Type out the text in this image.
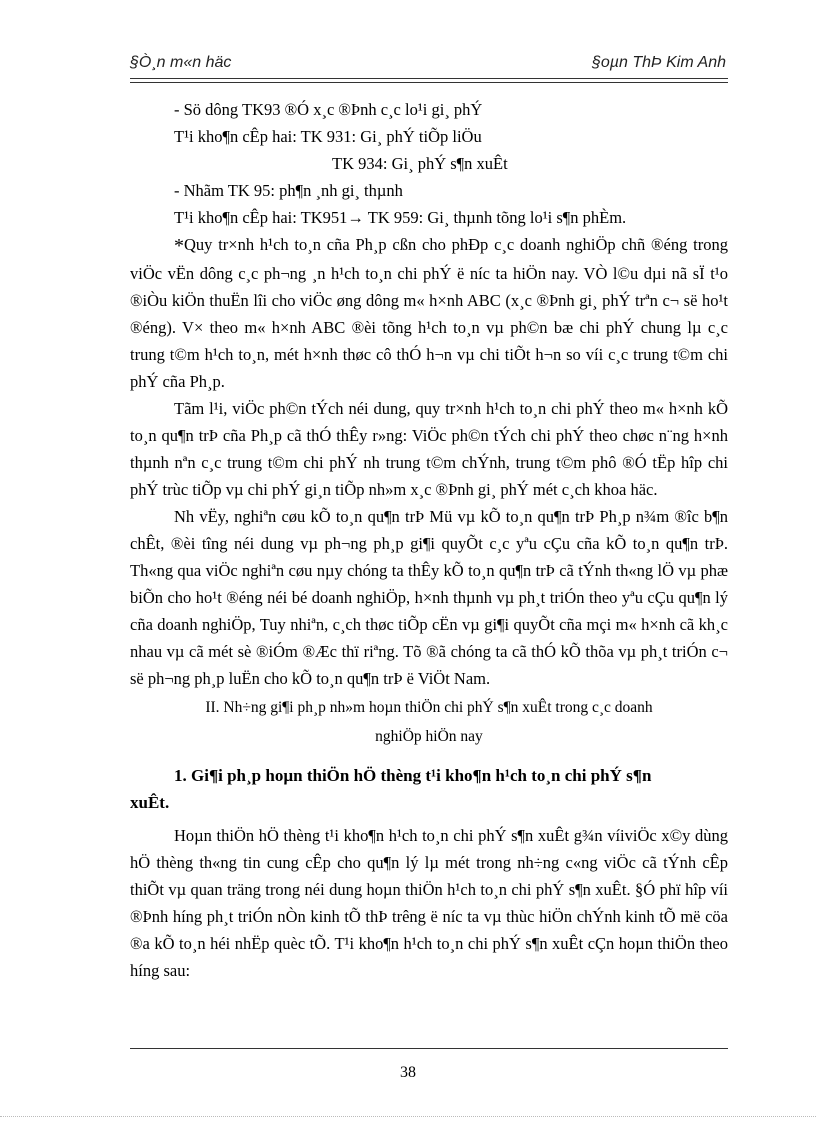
§Ò¸n m«n häc	§oµn ThÞ Kim Anh

- Sö dông TK93 ®Ó x¸c ®Þnh c¸c lo¹i gi¸ phÝ

T¹i kho¶n cÊp hai: TK 931: Gi¸ phÝ tiÕp liÖu

TK 934: Gi¸ phÝ s¶n xuÊt

- Nhãm TK 95: ph¶n ¸nh gi¸ thµnh

T¹i kho¶n cÊp hai: TK951→ TK 959: Gi¸ thµnh tõng lo¹i s¶n phÈm.

*Quy tr×nh h¹ch to¸n cña Ph¸p cßn cho phÐp c¸c doanh nghiÖp chñ ®éng trong viÖc vËn dông c¸c ph¬ng ¸n h¹ch to¸n chi phÝ ë níc ta hiÖn nay. VÒ l©u dµi nã sÏ t¹o ®iÒu kiÖn thuËn lîi cho viÖc øng dông m« h×nh ABC (x¸c ®Þnh gi¸ phÝ trªn c¬ së ho¹t ®éng). V× theo m« h×nh ABC ®èi tõng h¹ch to¸n vµ ph©n bæ chi phÝ chung lµ c¸c trung t©m h¹ch to¸n, mét h×nh thøc cô thÓ h¬n vµ chi tiÕt h¬n so víi c¸c trung t©m chi phÝ cña Ph¸p.

Tãm l¹i, viÖc ph©n tÝch néi dung, quy tr×nh h¹ch to¸n chi phÝ theo m« h×nh kÕ to¸n qu¶n trÞ cña Ph¸p cã thÓ thÊy r»ng: ViÖc ph©n tÝch chi phÝ theo chøc n¨ng h×nh thµnh nªn c¸c trung t©m chi phÝ nh trung t©m chÝnh, trung t©m phô ®Ó tËp hîp chi phÝ trùc tiÕp vµ chi phÝ gi¸n tiÕp nh»m x¸c ®Þnh gi¸ phÝ mét c¸ch khoa häc.

Nh vËy, nghiªn cøu kÕ to¸n qu¶n trÞ Mü vµ kÕ to¸n qu¶n trÞ Ph¸p n¾m ®îc b¶n chÊt, ®èi tîng néi dung vµ ph¬ng ph¸p gi¶i quyÕt c¸c yªu cÇu cña kÕ to¸n qu¶n trÞ. Th«ng qua viÖc nghiªn cøu nµy chóng ta thÊy kÕ to¸n qu¶n trÞ cã tÝnh th«ng lÖ vµ phæ biÕn cho ho¹t ®éng néi bé doanh nghiÖp, h×nh thµnh vµ ph¸t triÓn theo yªu cÇu qu¶n lý cña doanh nghiÖp, Tuy nhiªn, c¸ch thøc tiÕp cËn vµ gi¶i quyÕt cña mçi m« h×nh cã kh¸c nhau vµ cã mét sè ®iÓm ®Æc thï riªng. Tõ ®ã chóng ta cã thÓ kÕ thõa vµ ph¸t triÓn c¬ së ph¬ng ph¸p luËn cho kÕ to¸n qu¶n trÞ ë ViÖt Nam.

II. Nh÷ng gi¶i ph¸p nh»m hoµn thiÖn chi phÝ s¶n xuÊt trong c¸c doanh

nghiÖp hiÖn nay

1. Gi¶i ph¸p hoµn thiÖn hÖ thèng t¹i kho¶n h¹ch to¸n chi phÝ s¶n
xuÊt.

Hoµn thiÖn hÖ thèng t¹i kho¶n h¹ch to¸n chi phÝ s¶n xuÊt g¾n víiviÖc x©y dùng hÖ thèng th«ng tin cung cÊp cho qu¶n lý lµ mét trong nh÷ng c«ng viÖc cã tÝnh cÊp thiÕt vµ quan träng trong néi dung hoµn thiÖn h¹ch to¸n chi phÝ s¶n xuÊt. §Ó phï hîp víi ®Þnh híng ph¸t triÓn nÒn kinh tÕ thÞ trêng ë níc ta vµ thùc hiÖn chÝnh kinh tÕ më cöa ®a kÕ to¸n héi nhËp quèc tÕ. T¹i kho¶n h¹ch to¸n chi phÝ s¶n xuÊt cÇn hoµn thiÖn theo híng sau:

38
